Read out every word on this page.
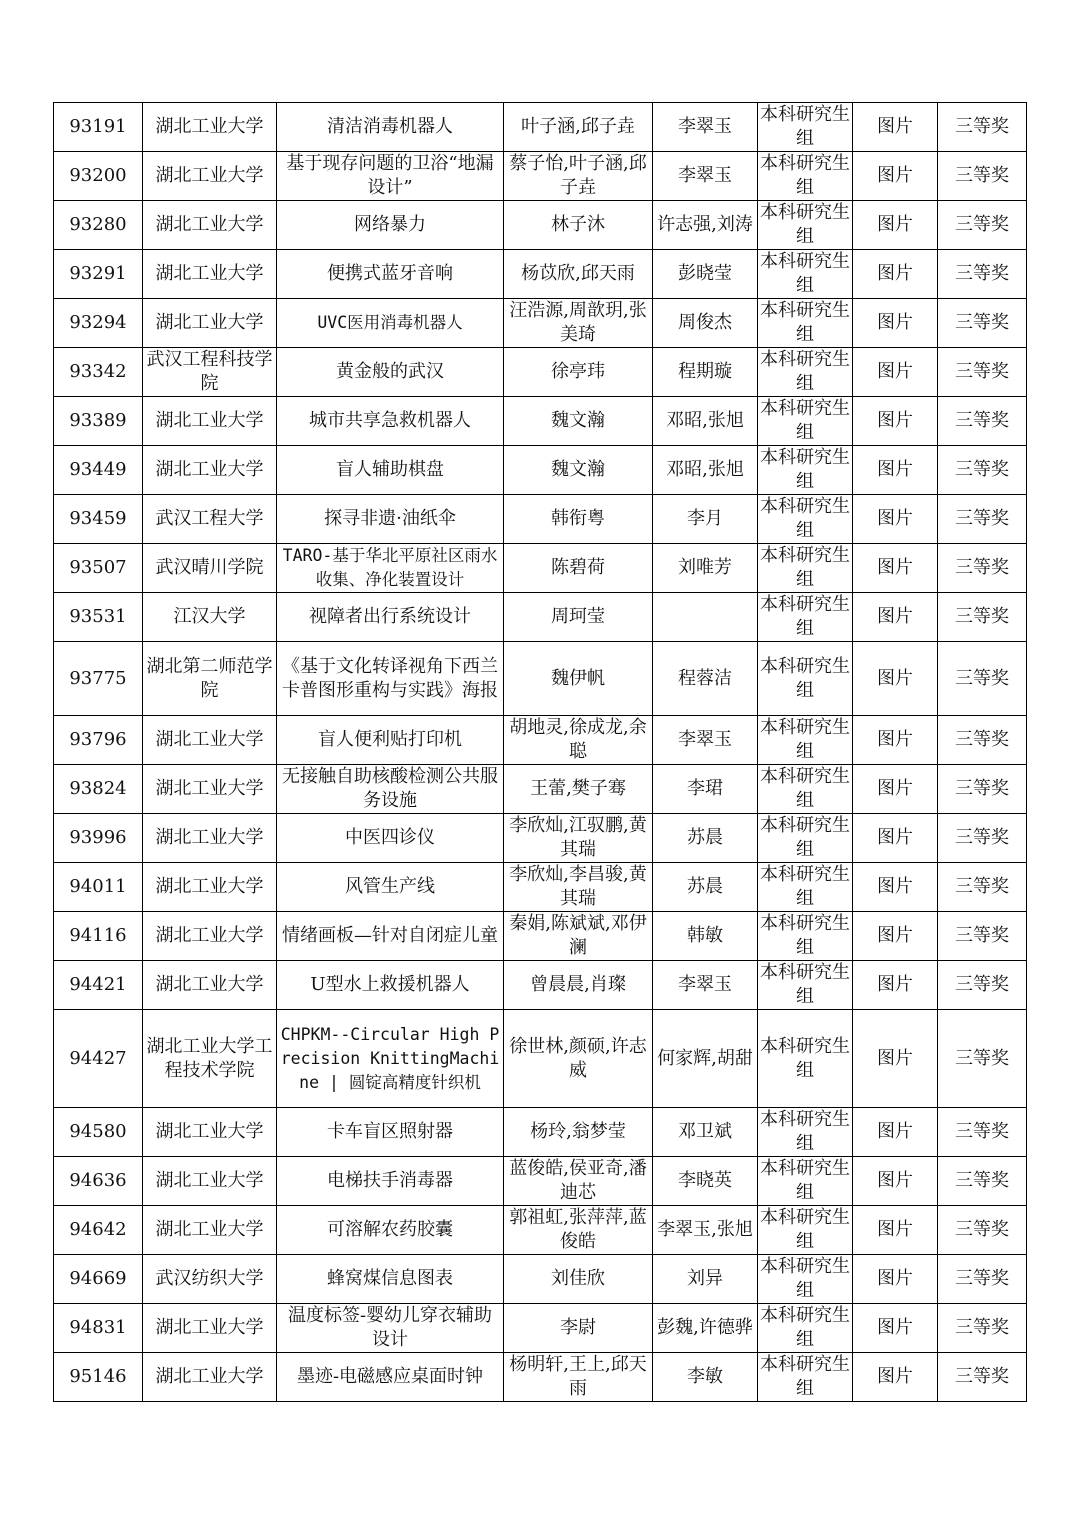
93191	湖北工业大学	清洁消毒机器人	叶子涵,邱子垚	李翠玉	本科研究生组	图片	三等奖
93200	湖北工业大学	基于现存问题的卫浴“地漏设计”	蔡子怡,叶子涵,邱子垚	李翠玉	本科研究生组	图片	三等奖
93280	湖北工业大学	网络暴力	林子沐	许志强,刘涛	本科研究生组	图片	三等奖
93291	湖北工业大学	便携式蓝牙音响	杨苡欣,邱天雨	彭晓莹	本科研究生组	图片	三等奖
93294	湖北工业大学	UVC医用消毒机器人	汪浩源,周歆玥,张美琦	周俊杰	本科研究生组	图片	三等奖
93342	武汉工程科技学院	黄金般的武汉	徐亭玮	程期璇	本科研究生组	图片	三等奖
93389	湖北工业大学	城市共享急救机器人	魏文瀚	邓昭,张旭	本科研究生组	图片	三等奖
93449	湖北工业大学	盲人辅助棋盘	魏文瀚	邓昭,张旭	本科研究生组	图片	三等奖
93459	武汉工程大学	探寻非遗·油纸伞	韩衔粤	李月	本科研究生组	图片	三等奖
93507	武汉晴川学院	TARO-基于华北平原社区雨水收集、净化装置设计	陈碧荷	刘唯芳	本科研究生组	图片	三等奖
93531	江汉大学	视障者出行系统设计	周珂莹		本科研究生组	图片	三等奖
93775	湖北第二师范学院	《基于文化转译视角下西兰卡普图形重构与实践》海报	魏伊帆	程蓉洁	本科研究生组	图片	三等奖
93796	湖北工业大学	盲人便利贴打印机	胡地灵,徐成龙,余聪	李翠玉	本科研究生组	图片	三等奖
93824	湖北工业大学	无接触自助核酸检测公共服务设施	王蕾,樊子骞	李珺	本科研究生组	图片	三等奖
93996	湖北工业大学	中医四诊仪	李欣灿,江驭鹏,黄其瑞	苏晨	本科研究生组	图片	三等奖
94011	湖北工业大学	风管生产线	李欣灿,李昌骏,黄其瑞	苏晨	本科研究生组	图片	三等奖
94116	湖北工业大学	情绪画板—针对自闭症儿童	秦娟,陈斌斌,邓伊澜	韩敏	本科研究生组	图片	三等奖
94421	湖北工业大学	U型水上救援机器人	曾晨晨,肖璨	李翠玉	本科研究生组	图片	三等奖
94427	湖北工业大学工程技术学院	CHPKM--Circular High Precision KnittingMachine | 圆锭高精度针织机	徐世林,颜硕,许志威	何家辉,胡甜	本科研究生组	图片	三等奖
94580	湖北工业大学	卡车盲区照射器	杨玲,翁梦莹	邓卫斌	本科研究生组	图片	三等奖
94636	湖北工业大学	电梯扶手消毒器	蓝俊皓,侯亚奇,潘迪芯	李晓英	本科研究生组	图片	三等奖
94642	湖北工业大学	可溶解农药胶囊	郭祖虹,张萍萍,蓝俊皓	李翠玉,张旭	本科研究生组	图片	三等奖
94669	武汉纺织大学	蜂窝煤信息图表	刘佳欣	刘异	本科研究生组	图片	三等奖
94831	湖北工业大学	温度标签-婴幼儿穿衣辅助设计	李尉	彭魏,许德骅	本科研究生组	图片	三等奖
95146	湖北工业大学	墨迹-电磁感应桌面时钟	杨明轩,王上,邱天雨	李敏	本科研究生组	图片	三等奖
